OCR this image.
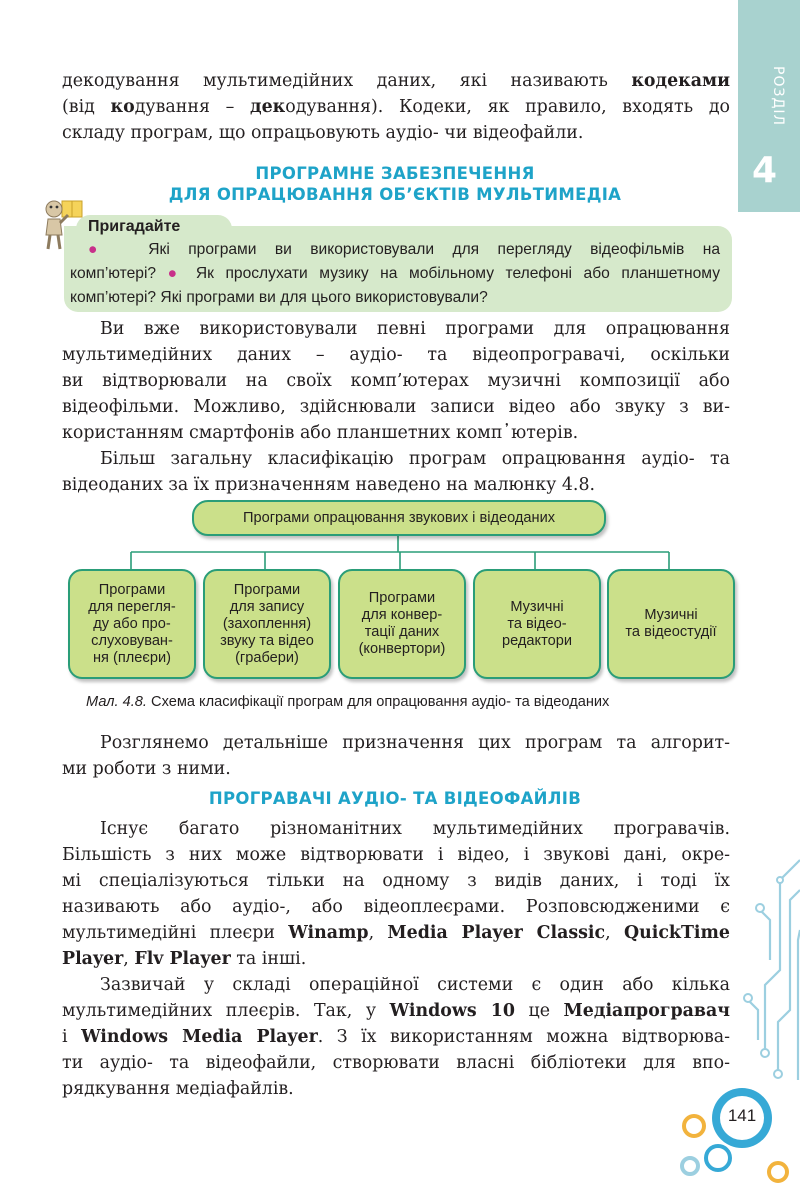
РОЗДІЛ
4
декодування мультимедійних даних, які називають кодеками
(від кодування – декодування). Кодеки, як правило, входять до
складу програм, що опрацьовують аудіо- чи відеофайли.
ПРОГРАМНЕ ЗАБЕЗПЕЧЕННЯ
ДЛЯ ОПРАЦЮВАННЯ ОБ’ЄКТІВ МУЛЬТИМЕДІА
Пригадайте
● Які програми ви використовували для перегляду відеофільмів на
комп’ютері? ● Як прослухати музику на мобільному телефоні або планшетному
комп’ютері? Які програми ви для цього використовували?
Ви вже використовували певні програми для опрацювання
мультимедійних даних – аудіо- та відеопрогравачі, оскільки
ви відтворювали на своїх комп’ютерах музичні композиції або
відеофільми. Можливо, здійснювали записи відео або звуку з ви-
користанням смартфонів або планшетних комп᾿ютерів.
Більш загальну класифікацію програм опрацювання аудіо- та
відеоданих за їх призначенням наведено на малюнку 4.8.
Програми опрацювання звукових і відеоданих
Програми
для перегля-
ду або про-
слуховуван-
ня (плеєри)
Програми
для запису
(захоплення)
звуку та відео
(грабери)
Програми
для конвер-
тації даних
(конвертори)
Музичні
та відео-
редактори
Музичні
та відеостудії
Мал. 4.8. Схема класифікації програм для опрацювання аудіо- та відеоданих
Розглянемо детальніше призначення цих програм та алгорит-
ми роботи з ними.
ПРОГРАВАЧІ АУДІО- ТА ВІДЕОФАЙЛІВ
Існує багато різноманітних мультимедійних програвачів.
Більшість з них може відтворювати і відео, і звукові дані, окре-
мі спеціалізуються тільки на одному з видів даних, і тоді їх
називають або аудіо-, або відеоплеєрами. Розповсюдженими є
мультимедійні плеєри Winamp, Media Player Classic, QuickTime
Player, Flv Player та інші.
Зазвичай у складі операційної системи є один або кілька
мультимедійних плеєрів. Так, у Windows 10 це Медіапрогравач
і Windows Media Player. З їх використанням можна відтворюва-
ти аудіо- та відеофайли, створювати власні бібліотеки для впо-
рядкування медіафайлів.
141
